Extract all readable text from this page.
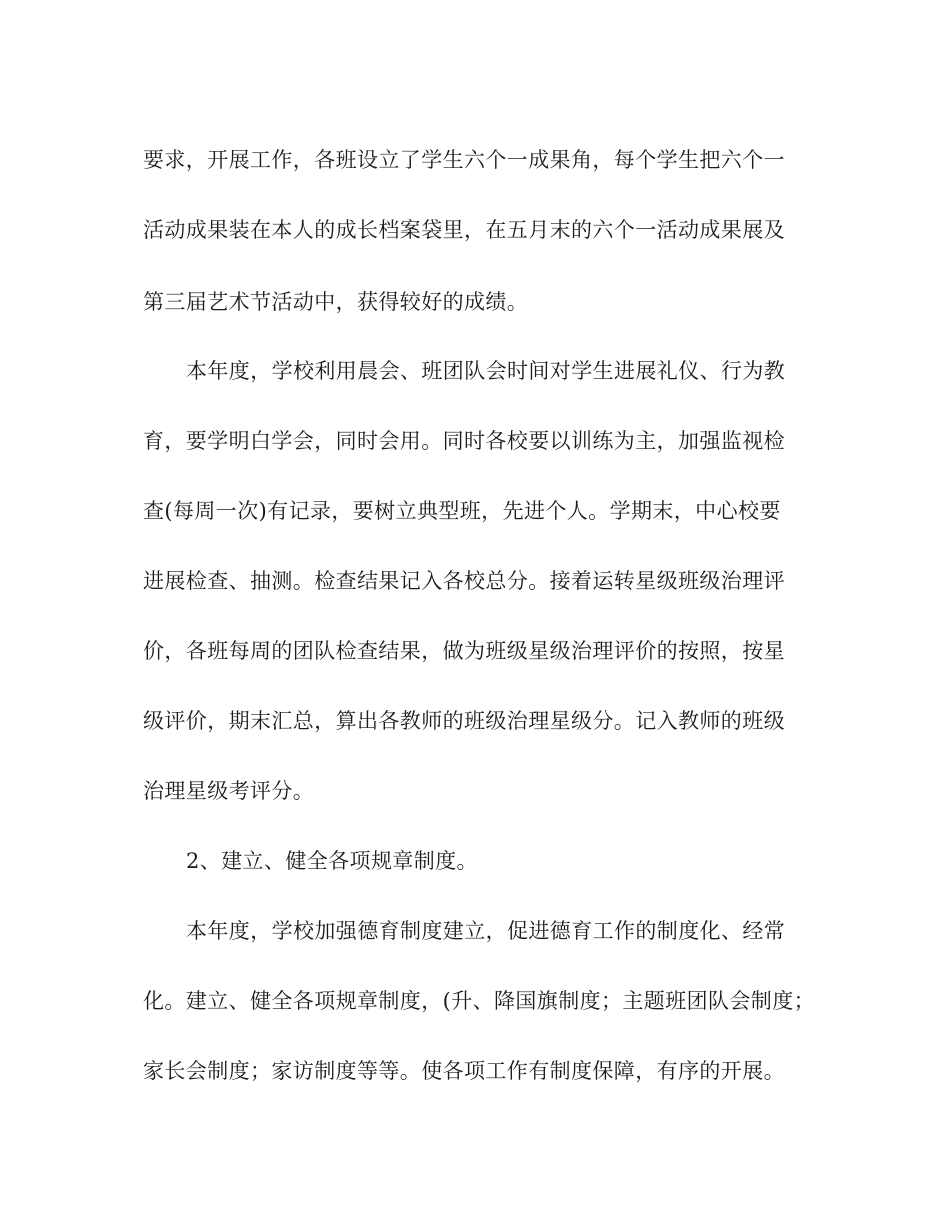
要求，开展工作，各班设立了学生六个一成果角，每个学生把六个一
活动成果装在本人的成长档案袋里，在五月末的六个一活动成果展及
第三届艺术节活动中，获得较好的成绩。
本年度，学校利用晨会、班团队会时间对学生进展礼仪、行为教
育，要学明白学会，同时会用。同时各校要以训练为主，加强监视检
查(每周一次)有记录，要树立典型班，先进个人。学期末，中心校要
进展检查、抽测。检查结果记入各校总分。接着运转星级班级治理评
价，各班每周的团队检查结果，做为班级星级治理评价的按照，按星
级评价，期末汇总，算出各教师的班级治理星级分。记入教师的班级
治理星级考评分。
2、建立、健全各项规章制度。
本年度，学校加强德育制度建立，促进德育工作的制度化、经常
化。建立、健全各项规章制度，(升、降国旗制度；主题班团队会制度；
家长会制度；家访制度等等。使各项工作有制度保障，有序的开展。
